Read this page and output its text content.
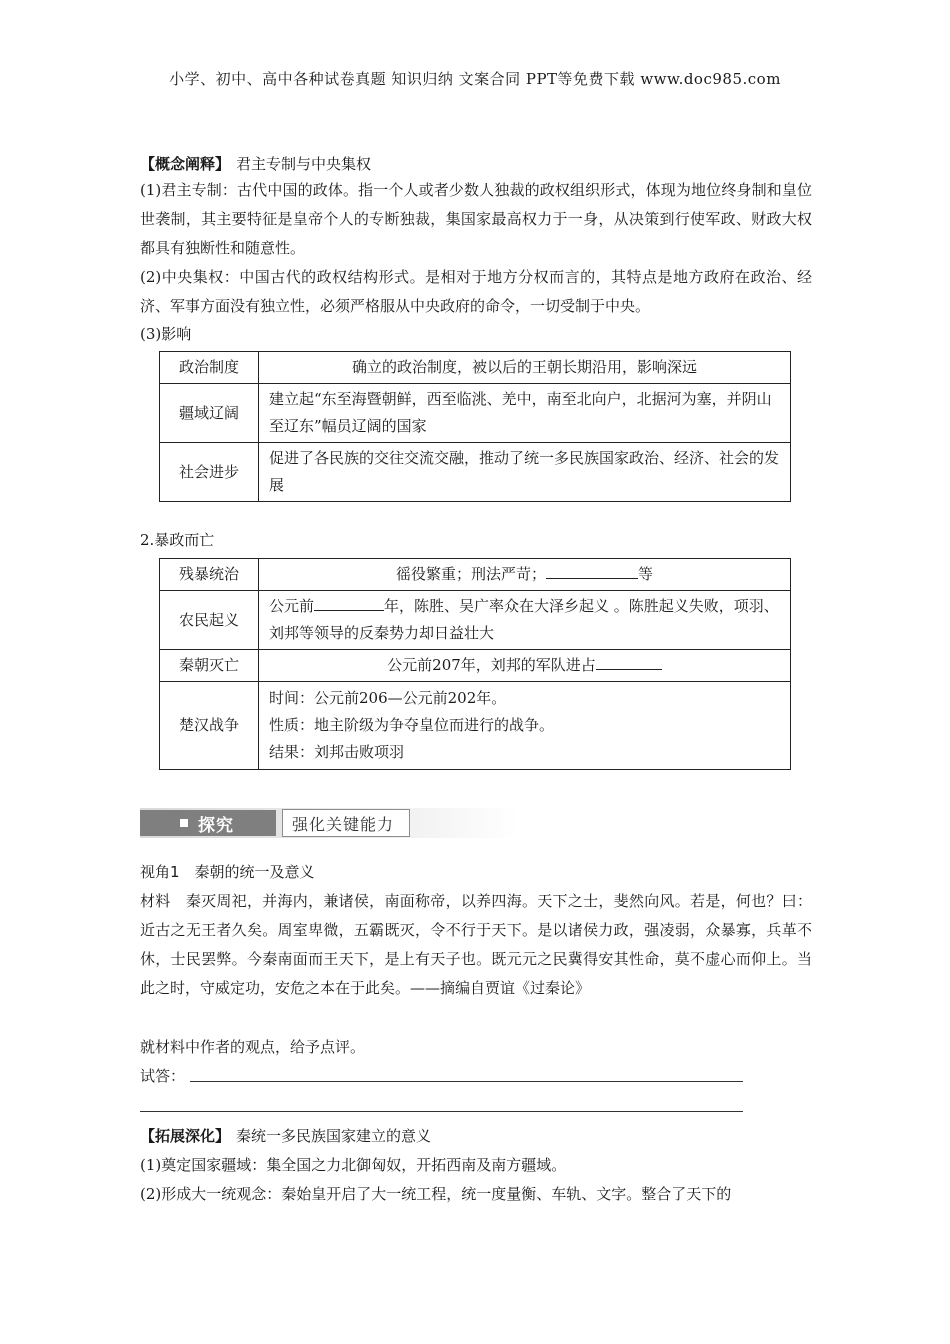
小学、初中、高中各种试卷真题 知识归纳 文案合同 PPT等免费下载 www.doc985.com
【概念阐释】 君主专制与中央集权
(1)君主专制：古代中国的政体。指一个人或者少数人独裁的政权组织形式，体现为地位终身制和皇位世袭制，其主要特征是皇帝个人的专断独裁，集国家最高权力于一身，从决策到行使军政、财政大权都具有独断性和随意性。
(2)中央集权：中国古代的政权结构形式。是相对于地方分权而言的，其特点是地方政府在政治、经济、军事方面没有独立性，必须严格服从中央政府的命令，一切受制于中央。
(3)影响
政治制度	确立的政治制度，被以后的王朝长期沿用，影响深远
疆域辽阔	建立起“东至海暨朝鲜，西至临洮、羌中，南至北向户，北据河为塞，并阴山至辽东”幅员辽阔的国家
社会进步	促进了各民族的交往交流交融，推动了统一多民族国家政治、经济、社会的发展
2.暴政而亡
残暴统治	徭役繁重；刑法严苛； 等
农民起义	公元前 年，陈胜、吴广率众在大泽乡起义 。陈胜起义失败，项羽、刘邦等领导的反秦势力却日益壮大
秦朝灭亡	公元前207年，刘邦的军队进占
楚汉战争	时间：公元前206—公元前202年。
性质：地主阶级为争夺皇位而进行的战争。
结果：刘邦击败项羽
探究	强化关键能力
视角1　秦朝的统一及意义
材料　秦灭周祀，并海内，兼诸侯，南面称帝，以养四海。天下之士，斐然向风。若是，何也？曰：近古之无王者久矣。周室卑微，五霸既灭，令不行于天下。是以诸侯力政，强凌弱，众暴寡，兵革不休，士民罢弊。今秦南面而王天下，是上有天子也。既元元之民冀得安其性命，莫不虚心而仰上。当此之时，守威定功，安危之本在于此矣。——摘编自贾谊《过秦论》
就材料中作者的观点，给予点评。
试答：
【拓展深化】 秦统一多民族国家建立的意义
(1)奠定国家疆域：集全国之力北御匈奴，开拓西南及南方疆域。
(2)形成大一统观念：秦始皇开启了大一统工程，统一度量衡、车轨、文字。整合了天下的
